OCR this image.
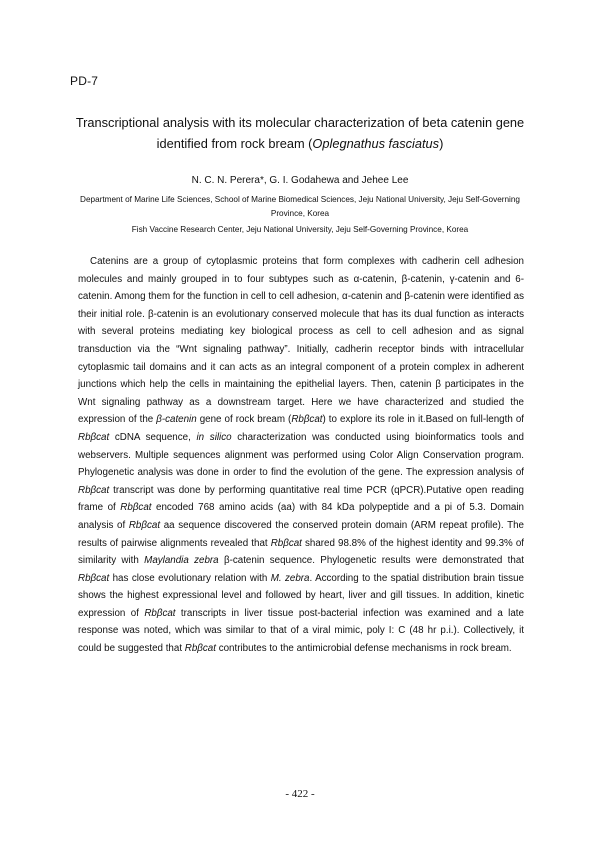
PD-7
Transcriptional analysis with its molecular characterization of beta catenin gene
identified from rock bream (Oplegnathus fasciatus)
N. C. N. Perera*, G. I. Godahewa and Jehee Lee
Department of Marine Life Sciences, School of Marine Biomedical Sciences, Jeju National University, Jeju Self-Governing Province, Korea
Fish Vaccine Research Center, Jeju National University, Jeju Self-Governing Province, Korea

Catenins are a group of cytoplasmic proteins that form complexes with cadherin cell adhesion molecules and mainly grouped in to four subtypes such as α-catenin, β-catenin, γ-catenin and 6-catenin. Among them for the function in cell to cell adhesion, α-catenin and β-catenin were identified as their initial role. β-catenin is an evolutionary conserved molecule that has its dual function as interacts with several proteins mediating key biological process as cell to cell adhesion and as signal transduction via the “Wnt signaling pathway”. Initially, cadherin receptor binds with intracellular cytoplasmic tail domains and it can acts as an integral component of a protein complex in adherent junctions which help the cells in maintaining the epithelial layers. Then, catenin β participates in the Wnt signaling pathway as a downstream target. Here we have characterized and studied the expression of the β-catenin gene of rock bream (Rbβcat) to explore its role in it.Based on full-length of Rbβcat cDNA sequence, in silico characterization was conducted using bioinformatics tools and webservers. Multiple sequences alignment was performed using Color Align Conservation program. Phylogenetic analysis was done in order to find the evolution of the gene. The expression analysis of Rbβcat transcript was done by performing quantitative real time PCR (qPCR).Putative open reading frame of Rbβcat encoded 768 amino acids (aa) with 84 kDa polypeptide and a pi of 5.3. Domain analysis of Rbβcat aa sequence discovered the conserved protein domain (ARM repeat profile). The results of pairwise alignments revealed that Rbβcat shared 98.8% of the highest identity and 99.3% of similarity with Maylandia zebra β-catenin sequence. Phylogenetic results were demonstrated that Rbβcat has close evolutionary relation with M. zebra. According to the spatial distribution brain tissue shows the highest expressional level and followed by heart, liver and gill tissues. In addition, kinetic expression of Rbβcat transcripts in liver tissue post-bacterial infection was examined and a late response was noted, which was similar to that of a viral mimic, poly I: C (48 hr p.i.). Collectively, it could be suggested that Rbβcat contributes to the antimicrobial defense mechanisms in rock bream.

- 422 -
